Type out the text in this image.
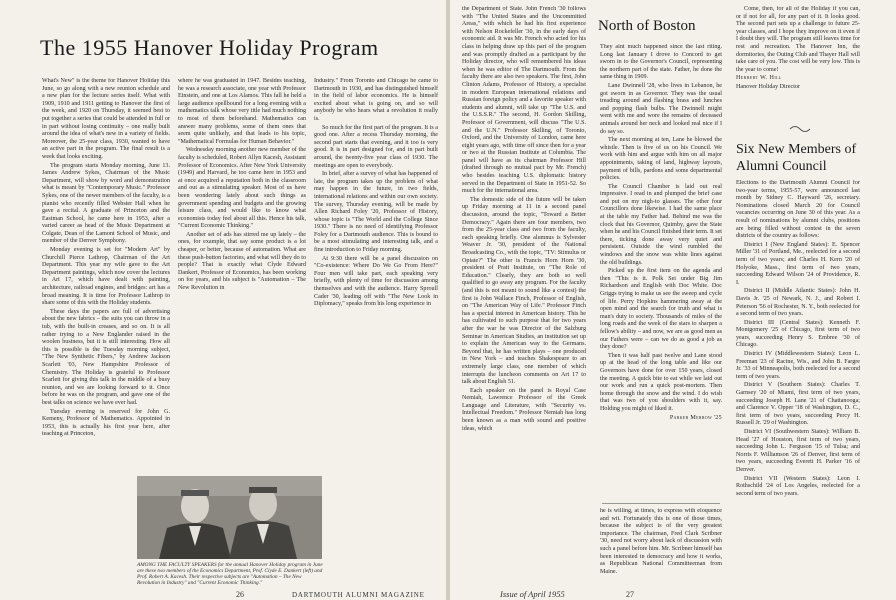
The 1955 Hanover Holiday Program

What's New" is the theme for Hanover Holiday this June, so go along with a new reunion schedule and a new plan for the lecture series itself. What with 1909, 1910 and 1911 getting to Hanover the first of the week, and 1920 on Thursday, it seemed best to put together a series that could be attended in full or in part without losing continuity – one really built around the idea of what's new in a variety of fields. Moreover, the 25-year class, 1930, wanted to have an active part in the program. The final result is a week that looks exciting.

The program starts Monday morning, June 13. James Andrew Sykes, Chairman of the Music Department, will show by word and demonstration what is meant by "Contemporary Music." Professor Sykes, one of the newer members of the faculty, is a pianist who recently filled Webster Hall when he gave a recital. A graduate of Princeton and the Eastman School, he came here in 1953, after a varied career as head of the Music Department at Colgate, Dean of the Lamont School of Music, and member of the Denver Symphony.

Monday evening is set for "Modern Art" by Churchill Pierce Lathrop, Chairman of the Art Department. This year my wife gave to the Art Department paintings, which now cover the lectures in Art 17, which have dealt with painting, architecture, railroad engines, and bridges: art has a broad meaning. It is time for Professor Lathrop to share some of this with the Holiday students.

These days the papers are full of advertising about the new fabrics – the suits you can throw in a tub, with the built-in creases, and so on. It is all rather trying to a New Englander raised in the woolen business, but it is still interesting. How all this is possible is the Tuesday morning subject, "The New Synthetic Fibers," by Andrew Jackson Scarlett '03, New Hampshire Professor of Chemistry. The Holiday is grateful to Professor Scarlett for giving this talk in the middle of a busy reunion, and we are looking forward to it. Once before he was on the program, and gave one of the best talks on science we have ever had.

Tuesday evening is reserved for John G. Kemeny, Professor of Mathematics. Appointed in 1953, this is actually his first year here, after teaching at Princeton,

where he was graduated in 1947. Besides teaching, he was a research associate, one year with Professor Einstein, and one at Los Alamos. This fall he held a large audience spellbound for a long evening with a mathematics talk whose very title had much nothing to most of them beforehand. Mathematics can answer many problems, some of them ones that seem quite unlikely, and that leads to his topic, "Mathematical Formulas for Human Behavior."

Wednesday morning another new member of the faculty is scheduled, Robert Allyn Kacesh, Assistant Professor of Economics. After New York University (1949) and Harvard, he too came here in 1953 and at once acquired a reputation both in the classroom and out as a stimulating speaker. Most of us have been wondering lately about such things as government spending and budgets and the growing leisure class, and would like to know what economists today feel about all this. Hence his talk, "Current Economic Thinking."

Another set of ads has stirred me up lately – the ones, for example, that say some product is a lot cheaper, or better, because of automation. What are these push-button factories, and what will they do to people? That is exactly what Clyde Edward Dankert, Professor of Economics, has been working on for years, and his subject is "Automation – The New Revolution in

Industry." From Toronto and Chicago he came to Dartmouth in 1930, and has distinguished himself in the field of labor economics. He is himself excited about what is going on, and so will anybody be who hears what a revolution it really is.

So much for the first part of the program. It is a good one. After a recess Thursday morning, the second part starts that evening, and it too is very good. It is in part designed for, and in part built around, the twenty-five year class of 1930. The meetings are open to everybody.

In brief, after a survey of what has happened of late, the program takes up the problem of what may happen in the future, in two fields, international relations and within our own society. The survey, Thursday evening, will be made by Allen Richard Foley '20, Professor of History, whose topic is "The World and the College Since 1930." There is no need of identifying Professor Foley for a Dartmouth audience. This is bound to be a most stimulating and interesting talk, and a fine introduction to Friday morning.

At 9:30 there will be a panel discussion on "Co-existence: Where Do We Go From Here?" Four men will take part, each speaking very briefly, with plenty of time for discussion among themselves and with the audience. Harry Sproull Cader '30, leading off with "The New Look in Diplomacy," speaks from his long experience in

AMONG THE FACULTY SPEAKERS for the annual Hanover Holiday program in June are these two members of the Economics Department, Prof. Clyde E. Dankert (left) and Prof. Robert A. Kacesh. Their respective subjects are "Automation – The New Revolution in Industry" and "Current Economic Thinking."
26	DARTMOUTH ALUMNI MAGAZINE

the Department of State. John French '30 follows with "The United States and the Uncommitted Areas," with which he had his first experience with Nelson Rockefeller '30, in the early days of economic aid. It was Mr. French who acted for his class in helping draw up this part of the program and was promptly drafted as a participant by the Holiday director, who will remembered his ideas when he was editor of The Dartmouth. From the faculty there are also two speakers. The first, John Clinton Adams, Professor of History, a specialist in modern European international relations and Russian foreign policy and a favorite speaker with students and alumni, will take up "The U.S. and the U.S.S.R." The second, H. Gordon Skilling, Professor of Government, will discuss "The U.S. and the U.N." Professor Skilling, of Toronto, Oxford, and the University of London, came here eight years ago, with time off since then for a year or two at the Russian Institute at Columbia. The panel will have as its chairman Professor Hill (drafted through no mutual pact by Mr. French) who besides teaching U.S. diplomatic history served in the Department of State in 1951-52. So much for the international area.

The domestic side of the future will be taken up Friday morning at 11 in a second panel discussion, around the topic, "Toward a Better Democracy." Again there are four members, two from the 25-year class and two from the faculty, each speaking briefly. One alumnus is Sylvester Weaver Jr. '30, president of the National Broadcasting Co., with the topic, "TV: Stimulus or Opiate?" The other is Francis Horn Horn '30, president of Pratt Institute, on "The Role of Education." Clearly, they are both so well qualified to go away any program. For the faculty (and this is not meant to sound like a contest) the first is John Wallace Finch, Professor of English, on "The American Way of Life." Professor Finch has a special interest in American history. This he has cultivated to such purpose that for two years after the war he was Director of the Salzburg Seminar in American Studies, an institution set up to explain the American way to the Germans. Beyond that, he has written plays – one produced in New York – and teaches Shakespeare to an extremely large class, one member of which interrupts the luncheon comments on Art 17 to talk about English 51.

Each speaker on the panel is Royal Case Nemiah, Lawrence Professor of the Greek Language and Literature, with "Security vs. Intellectual Freedom." Professor Nemiah has long been known as a man with sound and positive ideas, which

North of Boston

They aint much happened since the last riting. Long last January I drove to Concord to get sworn in to the Governor's Council, representing the northern part of the state. Father, he done the same thing in 1909.

Lane Dwinnell '28, who lives in Lebanon, he got sworn in as Governor. They was the usual treading around and flashing brass and lunches and popping flash bulbs. The Dwinnell might went with me and wore the remains of deceased animals around her neck and looked real nice if I do say so.

The next morning at ten, Lane he blowed the whistle. Then is five of us on his Council. We work with him and argue with him on all major appointments, taking of land, highway layouts, payment of bills, pardons and some departmental policies.

The Council Chamber is laid out real impressive. I read in and plumped the brief case and put on my nigh-to glasses. The other four Councillors done likewise. I had the same place at the table my Father had. Behind me was the clock that his Governor, Quimby, gave the State when he and his Council finished their term. It set there, ticking done away very quiet and persistent. Outside the wind rumbled the windows and the snow was white lines against the old buildings.

Picked up the first item on the agenda and then "This is it. Polk Sei under Big Jim Richardson and English with Doc White. Doc Griggs trying to make us see the sweep and cycle of life. Perry Hopkins hammering away at the open mind and the search for truth and what is man's duty to society. Thousands of miles of the long roads and the week of the stars to sharpen a fellow's ability – and now, we are as good men as our Fathers were – can we do as good a job as they done?

Then it was half past twelve and Lane stood up at the head of the long table and like our Governors have done for over 150 years, closed the meeting. A quick bite to eat while we laid out our work and run a quick post-mortem. Then home through the snow and the wind. I do wish that was two of you shoulders with it, say. Holding you might of liked it.

Parker Merrow '25

he is willing, at times, to express with eloquence and wit. Fortunately this is one of those times, because the subject is of the very greatest importance. The chairman, Fred Clark Scribner '30, need not worry about lack of discussion with such a panel before him. Mr. Scribner himself has been interested in democracy and how it works, as Republican National Committeeman from Maine.

Come, then, for all of the Holiday if you can, or if not for all, for any part of it. It looks good. The second part sets up a challenge to future 25-year classes, and I hope they improve on it even if I doubt they will. The program still leaves time for rest and recreation. The Hanover Inn, the dormitories, the Outing Club and Thayer Hall will take care of you. The cost will be very low. This is the year to come!

Herbert W. Hill

Hanover Holiday Director

Six New Members of Alumni Council

Elections to the Dartmouth Alumni Council for two-year terms, 1955-57, were announced last month by Sidney C. Hayward '26, secretary. Nominations closed March 20 for Council vacancies occurring on June 30 of this year. As a result of nominations by alumni clubs, positions are being filled without contest in the seven districts of the country as follows:

District I (New England States): E. Spencer Miller '31 of Portland, Me., reelected for a second term of two years; and Charles H. Kern '20 of Holyoke, Mass., first term of two years, succeeding Edward Wilson '24 of Providence, R. I.

District II (Middle Atlantic States): John H. Davis Jr. '25 of Newark, N. J., and Robert I. Peterson '56 of Rochester, N. Y., both reelected for a second term of two years.

District III (Central States): Kenneth F. Montgomery '25 of Chicago, first term of two years, succeeding Henry S. Embree '30 of Chicago.

District IV (Middlewestern States): Leon L. Freeman '23 of Racine, Wis., and John B. Fargre Jr. '33 of Minneapolis, both reelected for a second term of two years.

District V (Southern States): Charles T. Garnsey '20 of Miami, first term of two years, succeeding Joseph H. Lane '21 of Chattanooga; and Clarence V. Opper '18 of Washington, D. C., first term of two years, succeeding Percy H. Russell Jr. '29 of Washington.

District VI (Southwestern States): William B. Head '27 of Houston, first term of two years, succeeding John L. Ferguson '15 of Tulsa; and Norris F. Williamson '26 of Denver, first term of two years, succeeding Everett H. Parker '16 of Denver.

District VII (Western States): Leon I. Rothschild '24 of Los Angeles, reelected for a second term of two years.

Issue of April 1955	27
